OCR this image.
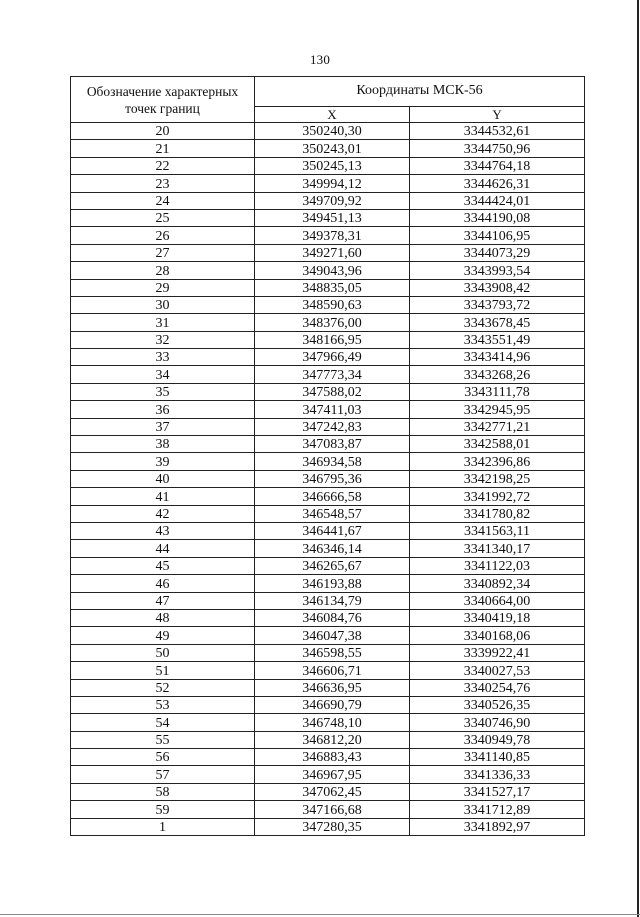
130
Обозначение характерных точек границ	Координаты МСК-56	
	X	Y
20	350240,30	3344532,61
21	350243,01	3344750,96
22	350245,13	3344764,18
23	349994,12	3344626,31
24	349709,92	3344424,01
25	349451,13	3344190,08
26	349378,31	3344106,95
27	349271,60	3344073,29
28	349043,96	3343993,54
29	348835,05	3343908,42
30	348590,63	3343793,72
31	348376,00	3343678,45
32	348166,95	3343551,49
33	347966,49	3343414,96
34	347773,34	3343268,26
35	347588,02	3343111,78
36	347411,03	3342945,95
37	347242,83	3342771,21
38	347083,87	3342588,01
39	346934,58	3342396,86
40	346795,36	3342198,25
41	346666,58	3341992,72
42	346548,57	3341780,82
43	346441,67	3341563,11
44	346346,14	3341340,17
45	346265,67	3341122,03
46	346193,88	3340892,34
47	346134,79	3340664,00
48	346084,76	3340419,18
49	346047,38	3340168,06
50	346598,55	3339922,41
51	346606,71	3340027,53
52	346636,95	3340254,76
53	346690,79	3340526,35
54	346748,10	3340746,90
55	346812,20	3340949,78
56	346883,43	3341140,85
57	346967,95	3341336,33
58	347062,45	3341527,17
59	347166,68	3341712,89
1	347280,35	3341892,97
